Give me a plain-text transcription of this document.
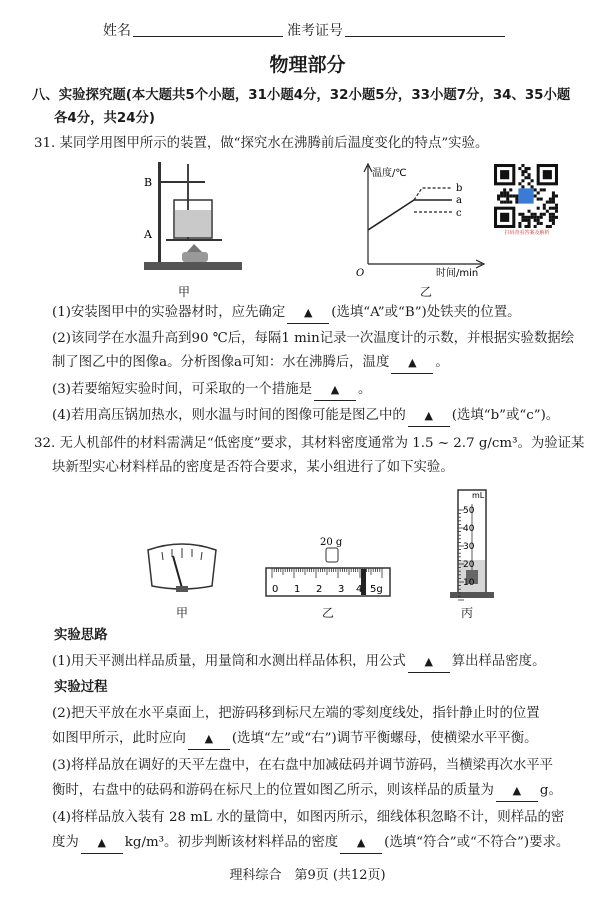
姓名	准考证号
物理部分
八、实验探究题(本大题共5个小题，31小题4分，32小题5分，33小题7分，34、35小题
各4分，共24分)
31. 某同学用图甲所示的装置，做“探究水在沸腾前后温度变化的特点”实验。
B
A
甲
b
a
c
温度/℃
O	时间/min
乙
扫码查看答案及解析
(1)安装图甲中的实验器材时，应先确定 ▲ (选填“A”或“B”)处铁夹的位置。
(2)该同学在水温升高到90 ℃后，每隔1 min记录一次温度计的示数，并根据实验数据绘
制了图乙中的图像a。分析图像a可知：水在沸腾后，温度 ▲ 。
(3)若要缩短实验时间，可采取的一个措施是 ▲ 。
(4)若用高压锅加热水，则水温与时间的图像可能是图乙中的 ▲ (选填“b”或“c”)。
32. 无人机部件的材料需满足“低密度”要求，其材料密度通常为 1.5 ~ 2.7 g/cm³。为验证某
块新型实心材料样品的密度是否符合要求，某小组进行了如下实验。
甲
20 g
0 1 2 3 4 5g
乙
mL
50
40
30
20
10
丙
实验思路
(1)用天平测出样品质量，用量筒和水测出样品体积，用公式 ▲ 算出样品密度。
实验过程
(2)把天平放在水平桌面上，把游码移到标尺左端的零刻度线处，指针静止时的位置
如图甲所示，此时应向 ▲ (选填“左”或“右”)调节平衡螺母，使横梁水平平衡。
(3)将样品放在调好的天平左盘中，在右盘中加减砝码并调节游码，当横梁再次水平平
衡时，右盘中的砝码和游码在标尺上的位置如图乙所示，则该样品的质量为 ▲ g。
(4)将样品放入装有 28 mL 水的量筒中，如图丙所示，细线体积忽略不计，则样品的密
度为 ▲ kg/m³。初步判断该材料样品的密度 ▲ (选填“符合”或“不符合”)要求。
理科综合　第9页 (共12页)
